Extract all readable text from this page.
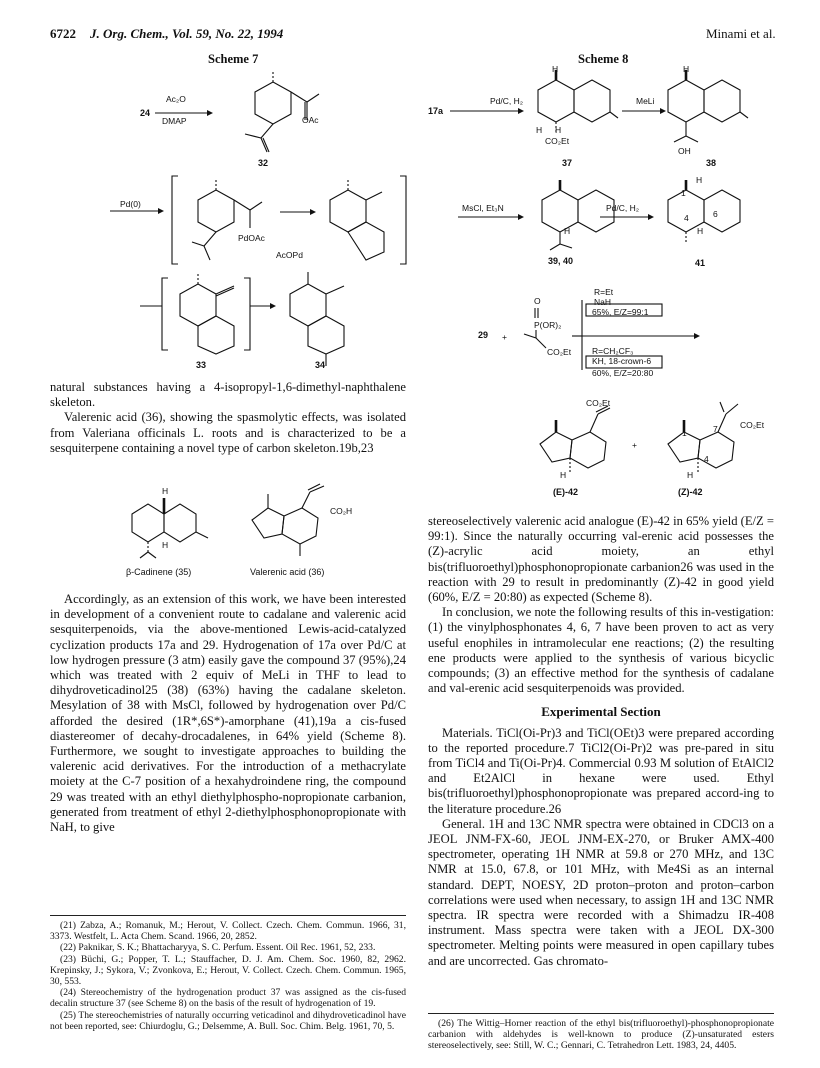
6722 J. Org. Chem., Vol. 59, No. 22, 1994	Minami et al.
Scheme 7
24
Ac₂O
DMAP	OAc
32
Pd(0)
PdOAc
AcOPd
33	34
Scheme 8
17a
Pd/C, H₂
H
H H
CO₂Et
37
MeLi
H
OH
38
MsCl, Et₃N
H
39, 40
Pd/C, H₂
1
H
4	6
H
41
29 +
O
P(OR)₂
CO₂Et
R=Et
NaH
65%, E/Z=99:1
R=CH₂CF₃
KH, 18-crown-6
60%, E/Z=20:80
CO₂Et
CO₂Et
+
1	7
4
H	H
(E)-42	(Z)-42

natural substances having a 4-isopropyl-1,6-dimethyl-naphthalene skeleton.

Valerenic acid (36), showing the spasmolytic effects, was isolated from Valeriana officinals L. roots and is characterized to be a sesquiterpene containing a novel type of carbon skeleton.19b,23

H
H
CO₂H
β-Cadinene (35)	Valerenic acid (36)

Accordingly, as an extension of this work, we have been interested in development of a convenient route to cadalane and valerenic acid sesquiterpenoids, via the above-mentioned Lewis-acid-catalyzed cyclization products 17a and 29. Hydrogenation of 17a over Pd/C at low hydrogen pressure (3 atm) easily gave the compound 37 (95%),24 which was treated with 2 equiv of MeLi in THF to lead to dihydroveticadinol25 (38) (63%) having the cadalane skeleton. Mesylation of 38 with MsCl, followed by hydrogenation over Pd/C afforded the desired (1R*,6S*)-amorphane (41),19a a cis-fused diastereomer of decahy-drocadalenes, in 64% yield (Scheme 8). Furthermore, we sought to investigate approaches to building the valerenic acid derivatives. For the introduction of a methacrylate moiety at the C-7 position of a hexahydroindene ring, the compound 29 was treated with an ethyl diethylphospho-nopropionate carbanion, generated from treatment of ethyl 2-diethylphosphonopropionate with NaH, to give

(21) Zabza, A.; Romanuk, M.; Herout, V. Collect. Czech. Chem. Commun. 1966, 31, 3373. Westfelt, L. Acta Chem. Scand. 1966, 20, 2852.

(22) Paknikar, S. K.; Bhattacharyya, S. C. Perfum. Essent. Oil Rec. 1961, 52, 233.

(23) Büchi, G.; Popper, T. L.; Stauffacher, D. J. Am. Chem. Soc. 1960, 82, 2962. Krepinsky, J.; Sykora, V.; Zvonkova, E.; Herout, V. Collect. Czech. Chem. Commun. 1965, 30, 553.

(24) Stereochemistry of the hydrogenation product 37 was assigned as the cis-fused decalin structure 37 (see Scheme 8) on the basis of the result of hydrogenation of 19.

(25) The stereochemistries of naturally occurring veticadinol and dihydroveticadinol have not been reported, see: Chiurdoglu, G.; Delsemme, A. Bull. Soc. Chim. Belg. 1961, 70, 5.

stereoselectively valerenic acid analogue (E)-42 in 65% yield (E/Z = 99:1). Since the naturally occurring val-erenic acid possesses the (Z)-acrylic acid moiety, an ethyl bis(trifluoroethyl)phosphonopropionate carbanion26 was used in the reaction with 29 to result in predominantly (Z)-42 in good yield (60%, E/Z = 20:80) as expected (Scheme 8).

In conclusion, we note the following results of this in-vestigation: (1) the vinylphosphonates 4, 6, 7 have been proven to act as very useful enophiles in intramolecular ene reactions; (2) the resulting ene products were applied to the synthesis of various bicyclic compounds; (3) an effective method for the synthesis of cadalane and val-erenic acid sesquiterpenoids was provided.

Experimental Section

Materials. TiCl(Oi-Pr)3 and TiCl(OEt)3 were prepared according to the reported procedure.7 TiCl2(Oi-Pr)2 was pre-pared in situ from TiCl4 and Ti(Oi-Pr)4. Commercial 0.93 M solution of EtAlCl2 and Et2AlCl in hexane were used. Ethyl bis(trifluoroethyl)phosphonopropionate was prepared accord-ing to the literature procedure.26

General. 1H and 13C NMR spectra were obtained in CDCl3 on a JEOL JNM-FX-60, JEOL JNM-EX-270, or Bruker AMX-400 spectrometer, operating 1H NMR at 59.8 or 270 MHz, and 13C NMR at 15.0, 67.8, or 101 MHz, with Me4Si as an internal standard. DEPT, NOESY, 2D proton–proton and proton–carbon correlations were used when necessary, to assign 1H and 13C NMR spectra. IR spectra were recorded with a Shimadzu IR-408 instrument. Mass spectra were taken with a JEOL DX-300 spectrometer. Melting points were measured in open capillary tubes and are uncorrected. Gas chromato-

(26) The Wittig–Horner reaction of the ethyl bis(trifluoroethyl)-phosphonopropionate carbanion with aldehydes is well-known to produce (Z)-unsaturated esters stereoselectively, see: Still, W. C.; Gennari, C. Tetrahedron Lett. 1983, 24, 4405.
